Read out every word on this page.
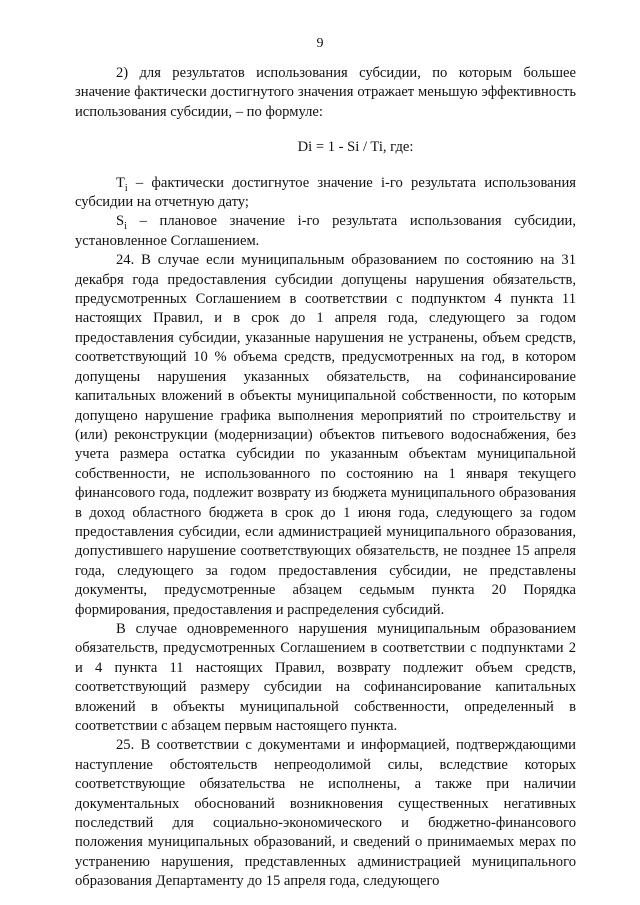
9

2) для результатов использования субсидии, по которым большее значение фактически достигнутого значения отражает меньшую эффективность использования субсидии, – по формуле:

Di = 1 - Si / Ti, где:

$T_i$ – фактически достигнутое значение i-го результата использования субсидии на отчетную дату;

$S_i$ – плановое значение i-го результата использования субсидии, установленное Соглашением.

24. В случае если муниципальным образованием по состоянию на 31 декабря года предоставления субсидии допущены нарушения обязательств, предусмотренных Соглашением в соответствии с подпунктом 4 пункта 11 настоящих Правил, и в срок до 1 апреля года, следующего за годом предоставления субсидии, указанные нарушения не устранены, объем средств, соответствующий 10 % объема средств, предусмотренных на год, в котором допущены нарушения указанных обязательств, на софинансирование капитальных вложений в объекты муниципальной собственности, по которым допущено нарушение графика выполнения мероприятий по строительству и (или) реконструкции (модернизации) объектов питьевого водоснабжения, без учета размера остатка субсидии по указанным объектам муниципальной собственности, не использованного по состоянию на 1 января текущего финансового года, подлежит возврату из бюджета муниципального образования в доход областного бюджета в срок до 1 июня года, следующего за годом предоставления субсидии, если администрацией муниципального образования, допустившего нарушение соответствующих обязательств, не позднее 15 апреля года, следующего за годом предоставления субсидии, не представлены документы, предусмотренные абзацем седьмым пункта 20 Порядка формирования, предоставления и распределения субсидий.

В случае одновременного нарушения муниципальным образованием обязательств, предусмотренных Соглашением в соответствии с подпунктами 2 и 4 пункта 11 настоящих Правил, возврату подлежит объем средств, соответствующий размеру субсидии на софинансирование капитальных вложений в объекты муниципальной собственности, определенный в соответствии с абзацем первым настоящего пункта.

25. В соответствии с документами и информацией, подтверждающими наступление обстоятельств непреодолимой силы, вследствие которых соответствующие обязательства не исполнены, а также при наличии документальных обоснований возникновения существенных негативных последствий для социально-экономического и бюджетно-финансового положения муниципальных образований, и сведений о принимаемых мерах по устранению нарушения, представленных администрацией муниципального образования Департаменту до 15 апреля года, следующего
